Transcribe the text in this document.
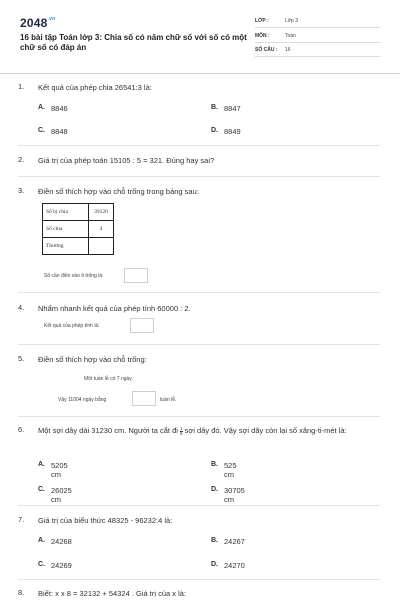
$2048^{.vn}$
16 bài tập Toán lớp 3: Chia số có năm chữ số với số có một chữ số có đáp án
LỚP :	Lớp 3
MÔN :	Toán
SỐ CÂU : 16
1. Kết quả của phép chia 26541:3 là:
A. 8846	B. 8847
C. 8848	D. 8849
2. Giá trị của phép toán 15105 : 5 = 321. Đúng hay sai?
3. Điền số thích hợp vào chỗ trống trong bảng sau:
Số bị chia	39120
Số chia	4
Thương	
Số cần điền vào ô trống là:
4. Nhẩm nhanh kết quả của phép tính 60000 : 2.
Kết quả của phép tính là:
5. Điền số thích hợp vào chỗ trống:
Một tuần lễ có 7 ngày.
Vậy 11004 ngày bằng	tuần lễ.
6. Một sợi dây dài 31230 cm. Người ta cắt đi $\frac{1}{6}$ sợi dây đó. Vậy sợi dây còn lại số xăng-ti-mét là:
A. 5205 cm
B. 525 cm
C. 26025 cm
D. 30705 cm
7. Giá trị của biểu thức 48325 - 96232:4 là:
A. 24268	B. 24267
C. 24269	D. 24270
8. Biết: x x 8 = 32132 + 54324 . Giá trị của x là:
